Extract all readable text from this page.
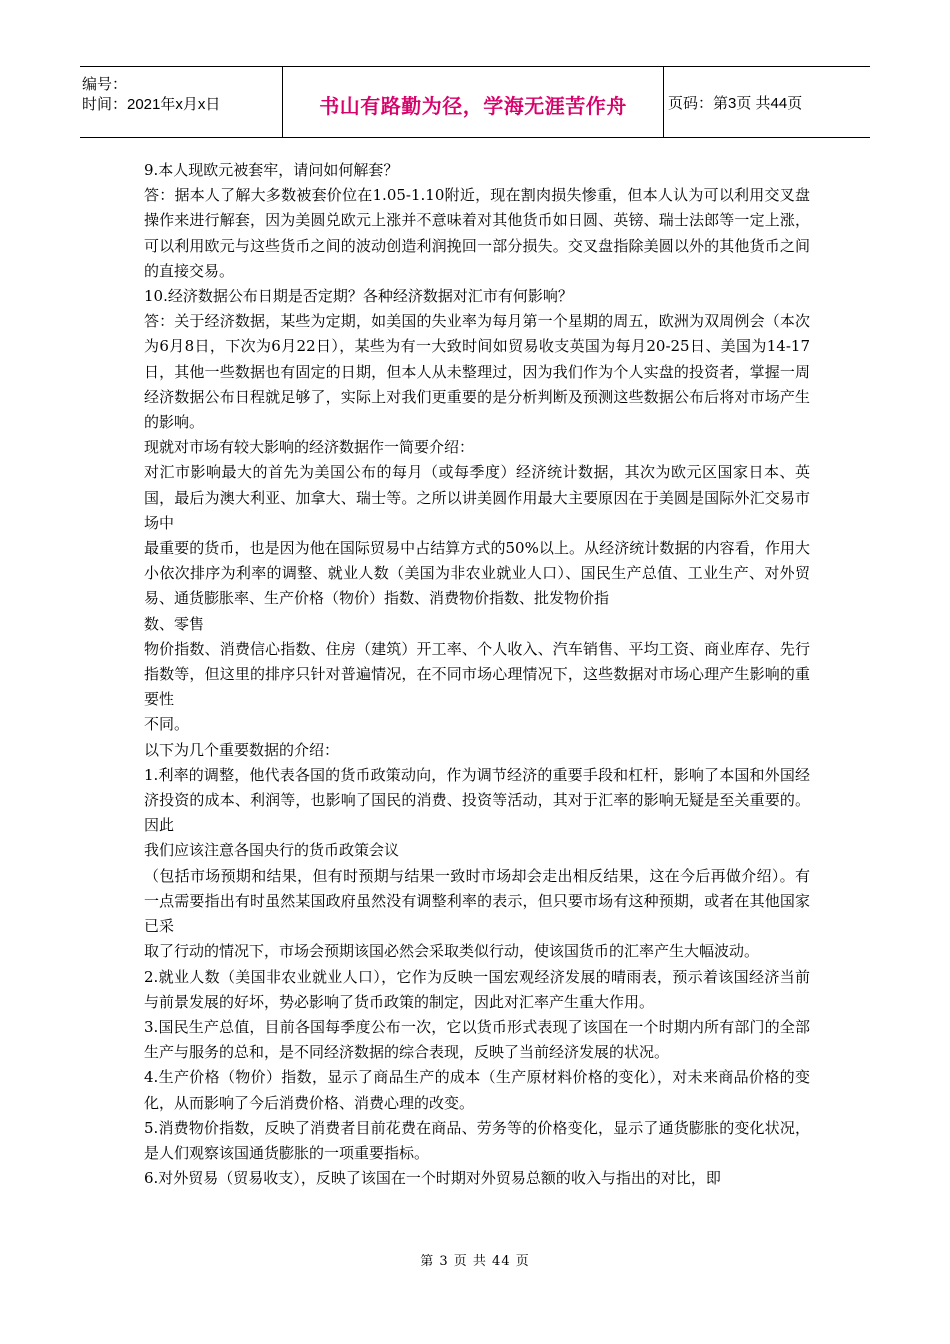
编号：
时间：2021年x月x日	书山有路勤为径，学海无涯苦作舟	页码：第3页 共44页

9.本人现欧元被套牢，请问如何解套？

答：据本人了解大多数被套价位在1.05-1.10附近，现在割肉损失惨重，但本人认为可以利用交叉盘操作来进行解套，因为美圆兑欧元上涨并不意味着对其他货币如日圆、英镑、瑞士法郎等一定上涨，可以利用欧元与这些货币之间的波动创造利润挽回一部分损失。交叉盘指除美圆以外的其他货币之间的直接交易。

10.经济数据公布日期是否定期？各种经济数据对汇市有何影响？

答：关于经济数据，某些为定期，如美国的失业率为每月第一个星期的周五，欧洲为双周例会（本次为6月8日，下次为6月22日），某些为有一大致时间如贸易收支英国为每月20-25日、美国为14-17日，其他一些数据也有固定的日期，但本人从未整理过，因为我们作为个人实盘的投资者，掌握一周经济数据公布日程就足够了，实际上对我们更重要的是分析判断及预测这些数据公布后将对市场产生的影响。

现就对市场有较大影响的经济数据作一简要介绍：

对汇市影响最大的首先为美国公布的每月（或每季度）经济统计数据，其次为欧元区国家日本、英国，最后为澳大利亚、加拿大、瑞士等。之所以讲美圆作用最大主要原因在于美圆是国际外汇交易市场中

最重要的货币，也是因为他在国际贸易中占结算方式的50%以上。从经济统计数据的内容看，作用大小依次排序为利率的调整、就业人数（美国为非农业就业人口）、国民生产总值、工业生产、对外贸易、通货膨胀率、生产价格（物价）指数、消费物价指数、批发物价指

数、零售

物价指数、消费信心指数、住房（建筑）开工率、个人收入、汽车销售、平均工资、商业库存、先行指数等，但这里的排序只针对普遍情况，在不同市场心理情况下，这些数据对市场心理产生影响的重要性

不同。

以下为几个重要数据的介绍：

1.利率的调整，他代表各国的货币政策动向，作为调节经济的重要手段和杠杆，影响了本国和外国经济投资的成本、利润等，也影响了国民的消费、投资等活动，其对于汇率的影响无疑是至关重要的。因此

我们应该注意各国央行的货币政策会议

（包括市场预期和结果，但有时预期与结果一致时市场却会走出相反结果，这在今后再做介绍）。有一点需要指出有时虽然某国政府虽然没有调整利率的表示，但只要市场有这种预期，或者在其他国家已采

取了行动的情况下，市场会预期该国必然会采取类似行动，使该国货币的汇率产生大幅波动。

2.就业人数（美国非农业就业人口），它作为反映一国宏观经济发展的晴雨表，预示着该国经济当前与前景发展的好坏，势必影响了货币政策的制定，因此对汇率产生重大作用。

3.国民生产总值，目前各国每季度公布一次，它以货币形式表现了该国在一个时期内所有部门的全部生产与服务的总和，是不同经济数据的综合表现，反映了当前经济发展的状况。

4.生产价格（物价）指数，显示了商品生产的成本（生产原材料价格的变化），对未来商品价格的变化，从而影响了今后消费价格、消费心理的改变。

5.消费物价指数，反映了消费者目前花费在商品、劳务等的价格变化，显示了通货膨胀的变化状况，是人们观察该国通货膨胀的一项重要指标。

6.对外贸易（贸易收支），反映了该国在一个时期对外贸易总额的收入与指出的对比，即

第 3 页 共 44 页
